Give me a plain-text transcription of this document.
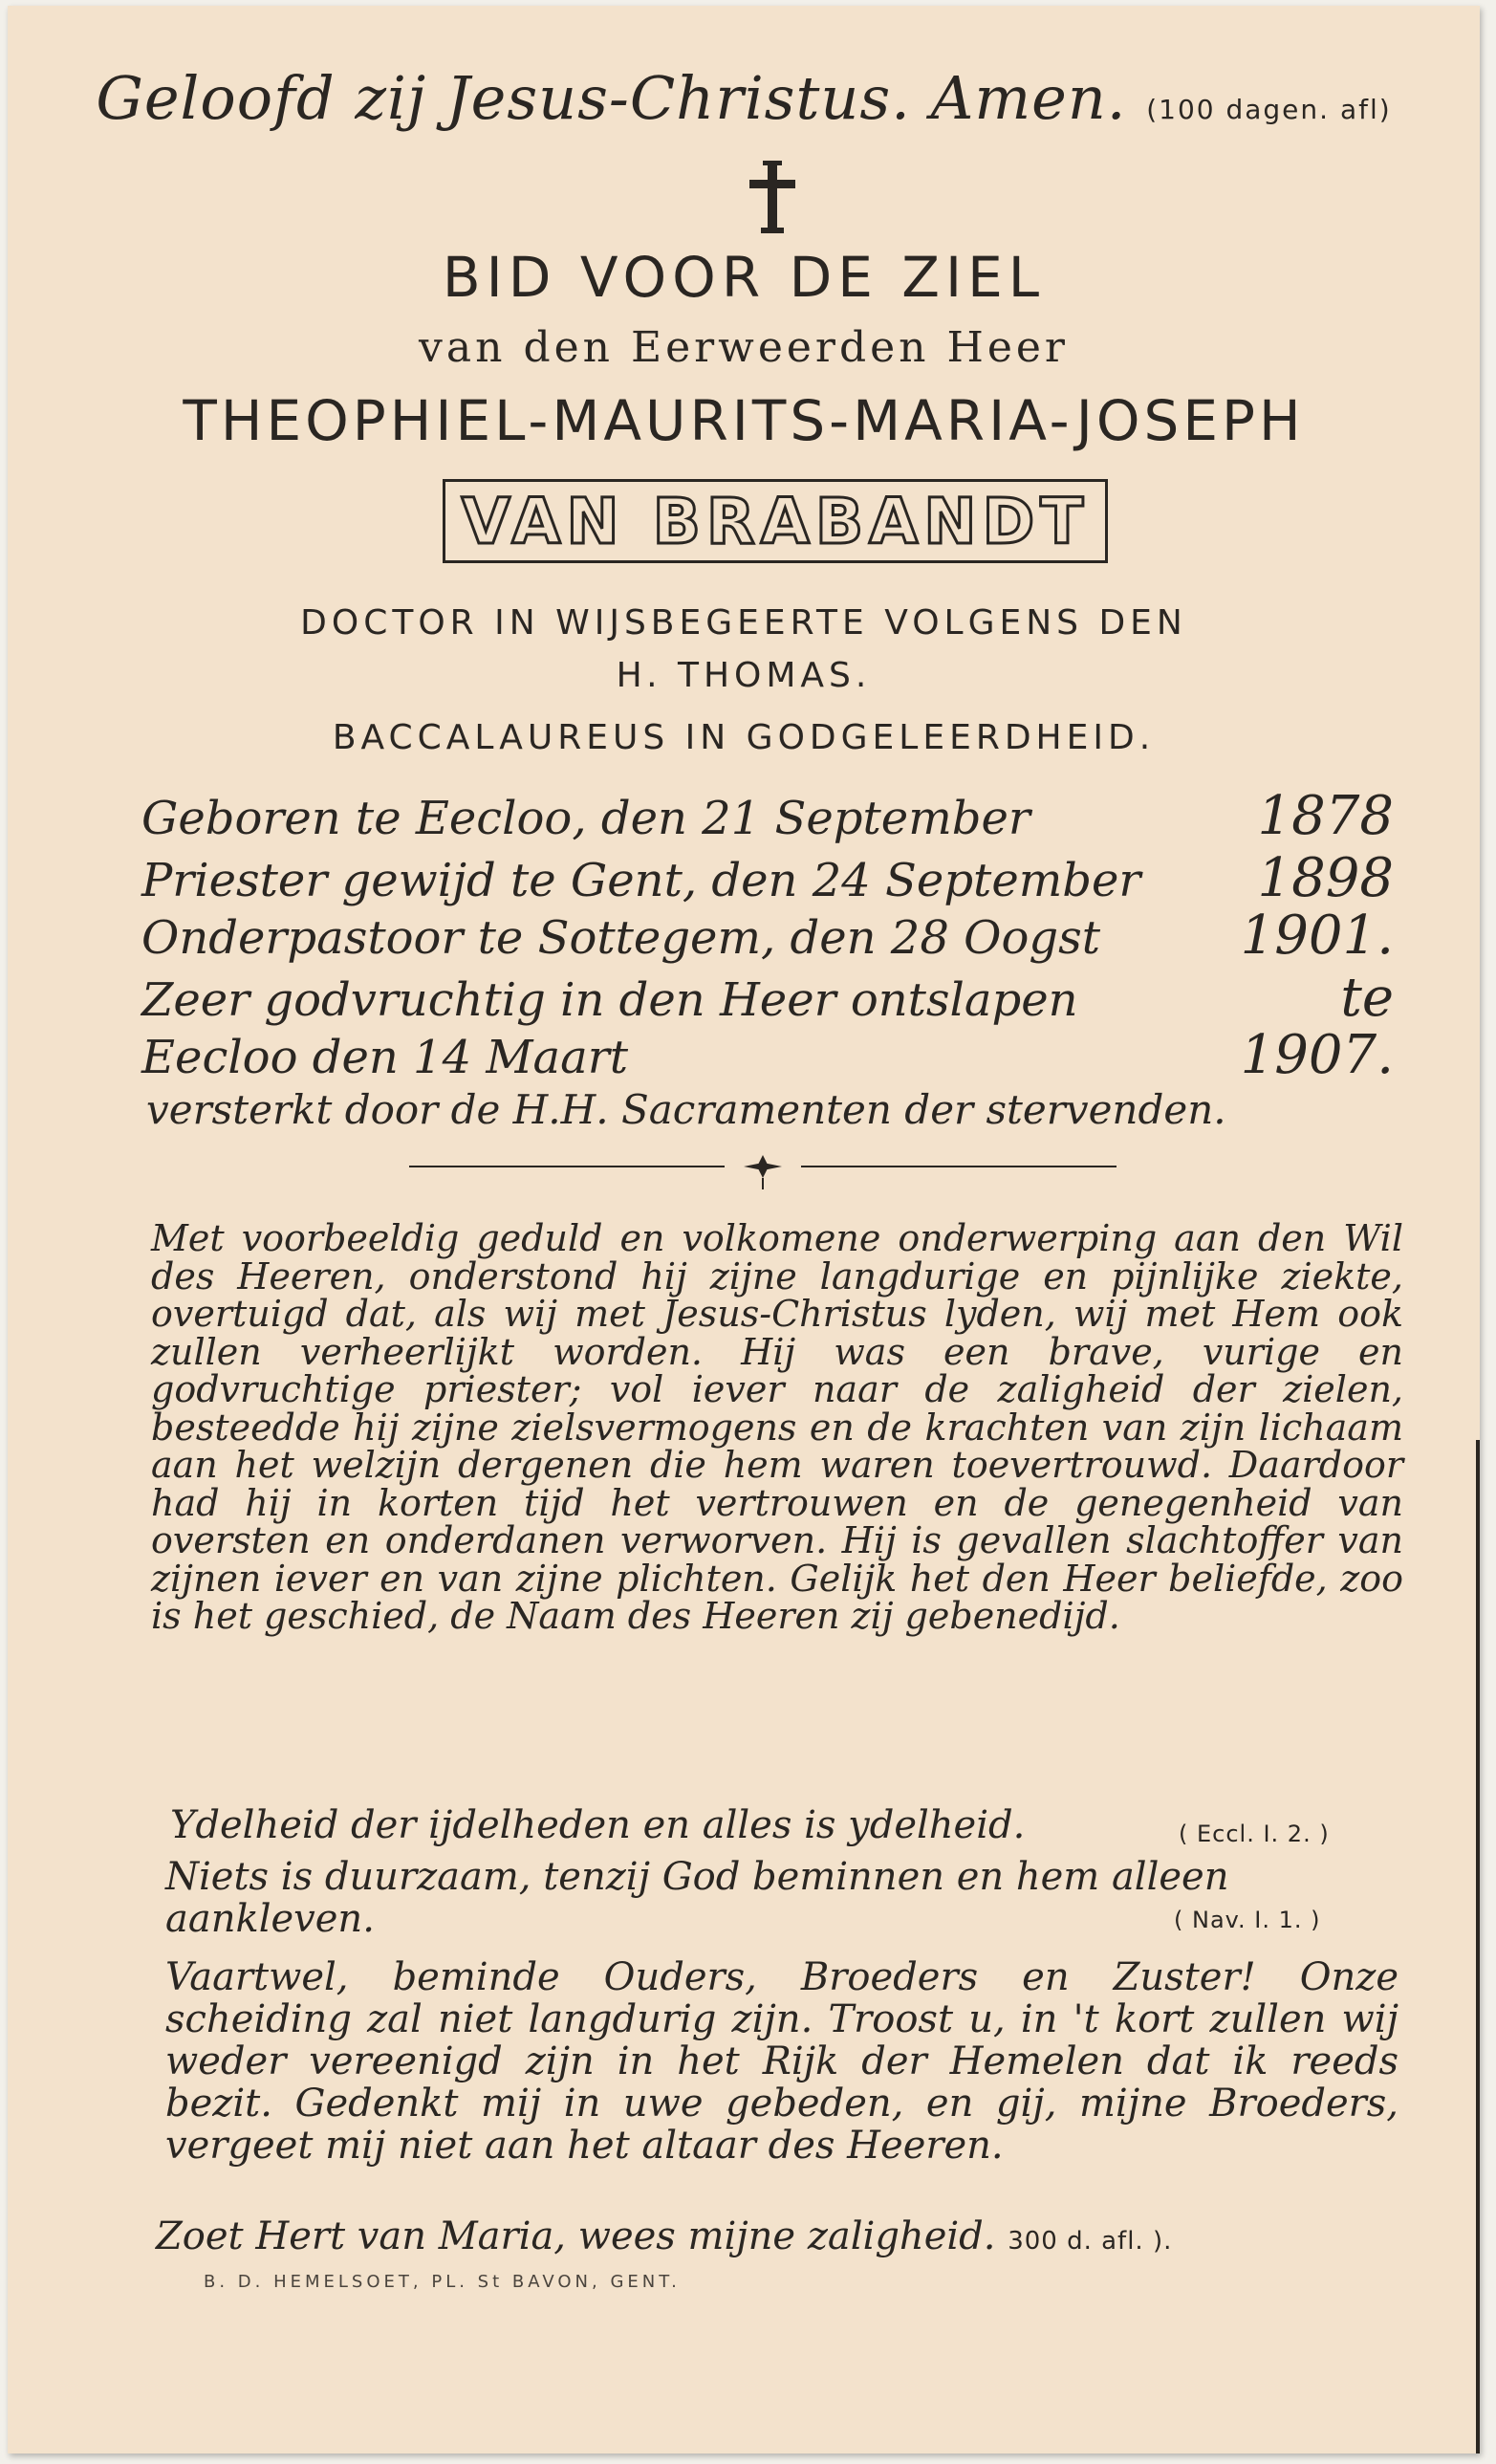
Geloofd zij Jesus-Christus. Amen. (100 dagen. afl)
BID VOOR DE ZIEL
van den Eerweerden Heer
THEOPHIEL-MAURITS-MARIA-JOSEPH
VAN BRABANDT
DOCTOR IN WIJSBEGEERTE VOLGENS DEN
H. THOMAS.
BACCALAUREUS IN GODGELEERDHEID.
Geboren te Eecloo, den 21 September	1878
Priester gewijd te Gent, den 24 September 1898
Onderpastoor te Sottegem, den 28 Oogst	1901.
Zeer godvruchtig in den Heer ontslapen	te
Eecloo den 14 Maart	1907.
versterkt door de H.H. Sacramenten der stervenden.
Met voorbeeldig geduld en volkomene onderwerping aan den Wil des Heeren, onderstond hij zijne langdurige en pijnlijke ziekte, overtuigd dat, als wij met Jesus-Christus lyden, wij met Hem ook zullen verheerlijkt worden. Hij was een brave, vurige en godvruchtige priester; vol iever naar de zaligheid der zielen, besteedde hij zijne zielsvermogens en de krachten van zijn lichaam aan het welzijn dergenen die hem waren toevertrouwd. Daardoor had hij in korten tijd het vertrouwen en de genegenheid van oversten en onderdanen verworven. Hij is gevallen slachtoffer van zijnen iever en van zijne plichten. Gelijk het den Heer beliefde, zoo is het geschied, de Naam des Heeren zij gebenedijd.
Ydelheid der ijdelheden en alles is ydelheid.	( Eccl. I. 2. )
Niets is duurzaam, tenzij God beminnen en hem alleen aankleven.	( Nav. I. 1. )
Vaartwel, beminde Ouders, Broeders en Zuster! Onze scheiding zal niet langdurig zijn. Troost u, in 't kort zullen wij weder vereenigd zijn in het Rijk der Hemelen dat ik reeds bezit. Gedenkt mij in uwe gebeden, en gij, mijne Broeders, vergeet mij niet aan het altaar des Heeren.
Zoet Hert van Maria, wees mijne zaligheid. 300 d. afl. ).
B. D. HEMELSOET, PL. St BAVON, GENT.
